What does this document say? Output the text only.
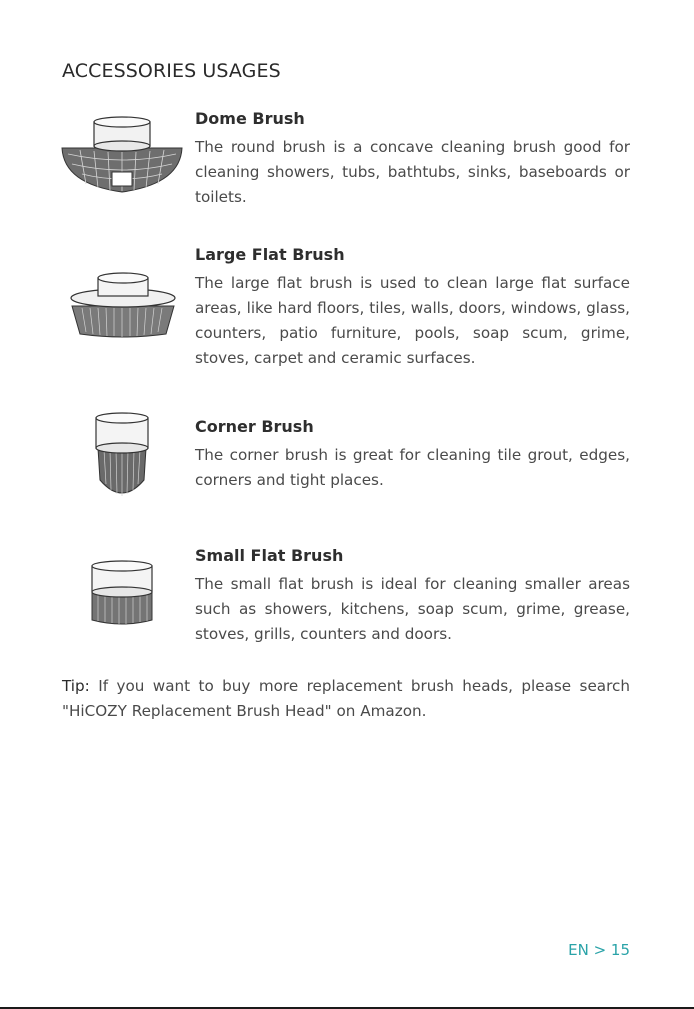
ACCESSORIES USAGES
Dome Brush

The round brush is a concave cleaning brush good for cleaning showers, tubs, bathtubs, sinks, baseboards or toilets.

Large Flat Brush

The large flat brush is used to clean large flat surface areas, like hard floors, tiles, walls, doors, windows, glass, counters, patio furniture, pools, soap scum, grime, stoves, carpet and ceramic surfaces.

Corner Brush

The corner brush is great for cleaning tile grout, edges, corners and tight places.

Small Flat Brush

The small flat brush is ideal for cleaning smaller areas such as showers, kitchens, soap scum, grime, grease, stoves, grills, counters and doors.

Tip: If you want to buy more replacement brush heads, please search "HiCOZY Replacement Brush Head" on Amazon.

EN > 15
